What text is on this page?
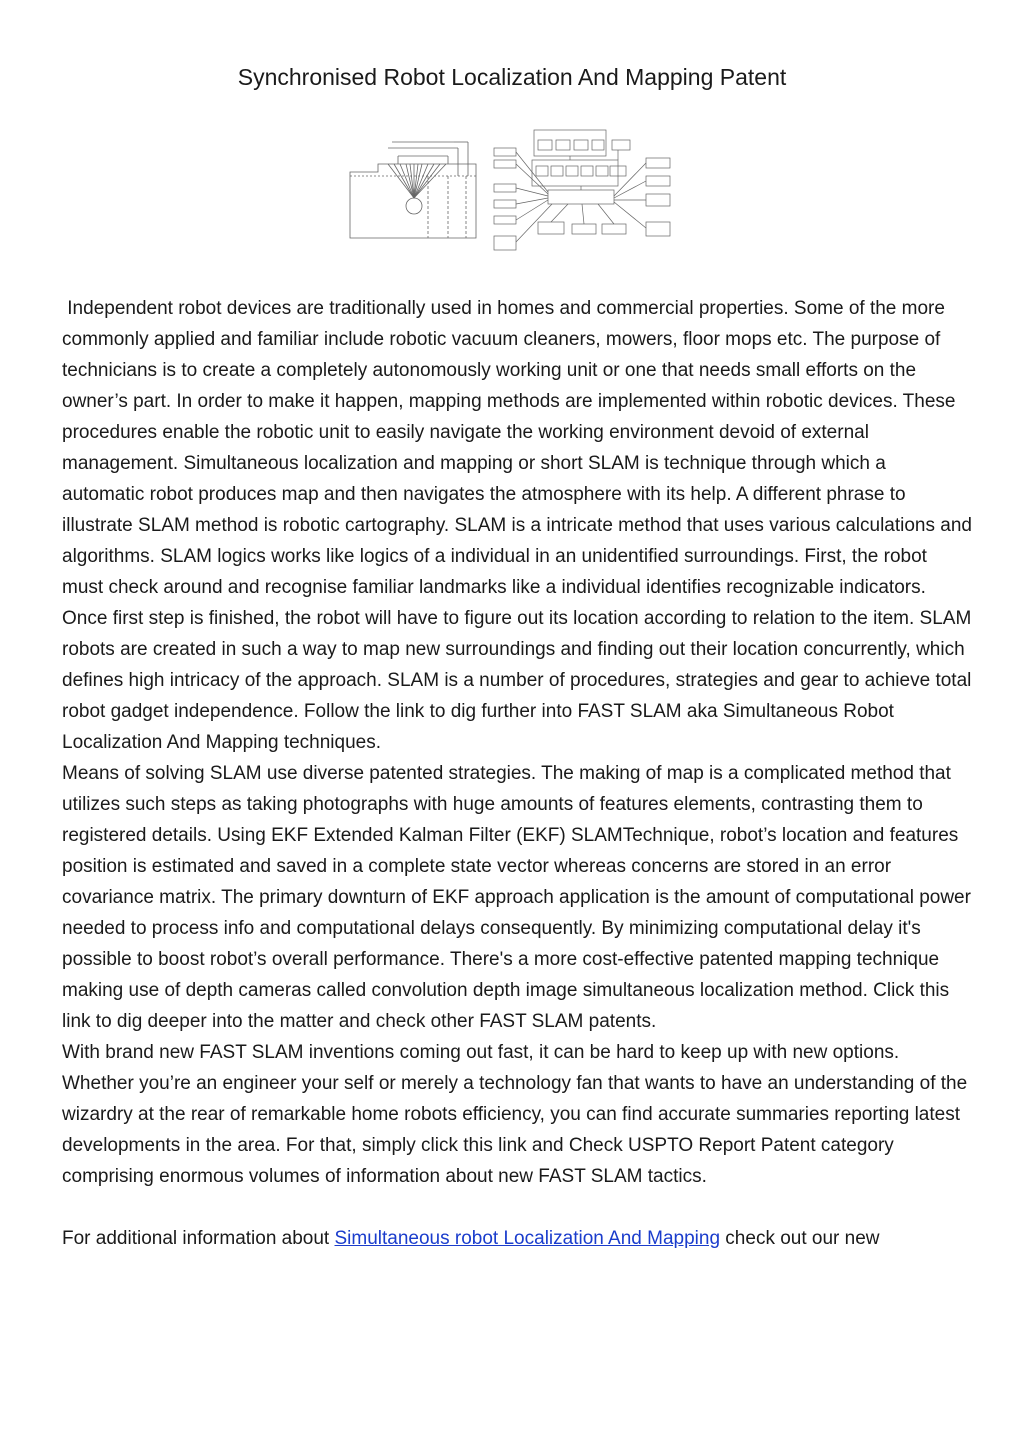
Synchronised Robot Localization And Mapping Patent

Independent robot devices are traditionally used in homes and commercial properties. Some of the more commonly applied and familiar include robotic vacuum cleaners, mowers, floor mops etc. The purpose of technicians is to create a completely autonomously working unit or one that needs small efforts on the owner’s part. In order to make it happen, mapping methods are implemented within robotic devices. These procedures enable the robotic unit to easily navigate the working environment devoid of external management. Simultaneous localization and mapping or short SLAM is technique through which a automatic robot produces map and then navigates the atmosphere with its help. A different phrase to illustrate SLAM method is robotic cartography. SLAM is a intricate method that uses various calculations and algorithms. SLAM logics works like logics of a individual in an unidentified surroundings. First, the robot must check around and recognise familiar landmarks like a individual identifies recognizable indicators. Once first step is finished, the robot will have to figure out its location according to relation to the item. SLAM robots are created in such a way to map new surroundings and finding out their location concurrently, which defines high intricacy of the approach. SLAM is a number of procedures, strategies and gear to achieve total robot gadget independence. Follow the link to dig further into FAST SLAM aka Simultaneous Robot Localization And Mapping techniques.

Means of solving SLAM use diverse patented strategies. The making of map is a complicated method that utilizes such steps as taking photographs with huge amounts of features elements, contrasting them to registered details. Using EKF Extended Kalman Filter (EKF) SLAMTechnique, robot’s location and features position is estimated and saved in a complete state vector whereas concerns are stored in an error covariance matrix. The primary downturn of EKF approach application is the amount of computational power needed to process info and computational delays consequently. By minimizing computational delay it's possible to boost robot’s overall performance. There's a more cost-effective patented mapping technique making use of depth cameras called convolution depth image simultaneous localization method. Click this link to dig deeper into the matter and check other FAST SLAM patents.

With brand new FAST SLAM inventions coming out fast, it can be hard to keep up with new options. Whether you’re an engineer your self or merely a technology fan that wants to have an understanding of the wizardry at the rear of remarkable home robots efficiency, you can find accurate summaries reporting latest developments in the area. For that, simply click this link and Check USPTO Report Patent category comprising enormous volumes of information about new FAST SLAM tactics.

For additional information about Simultaneous robot Localization And Mapping check out our new
